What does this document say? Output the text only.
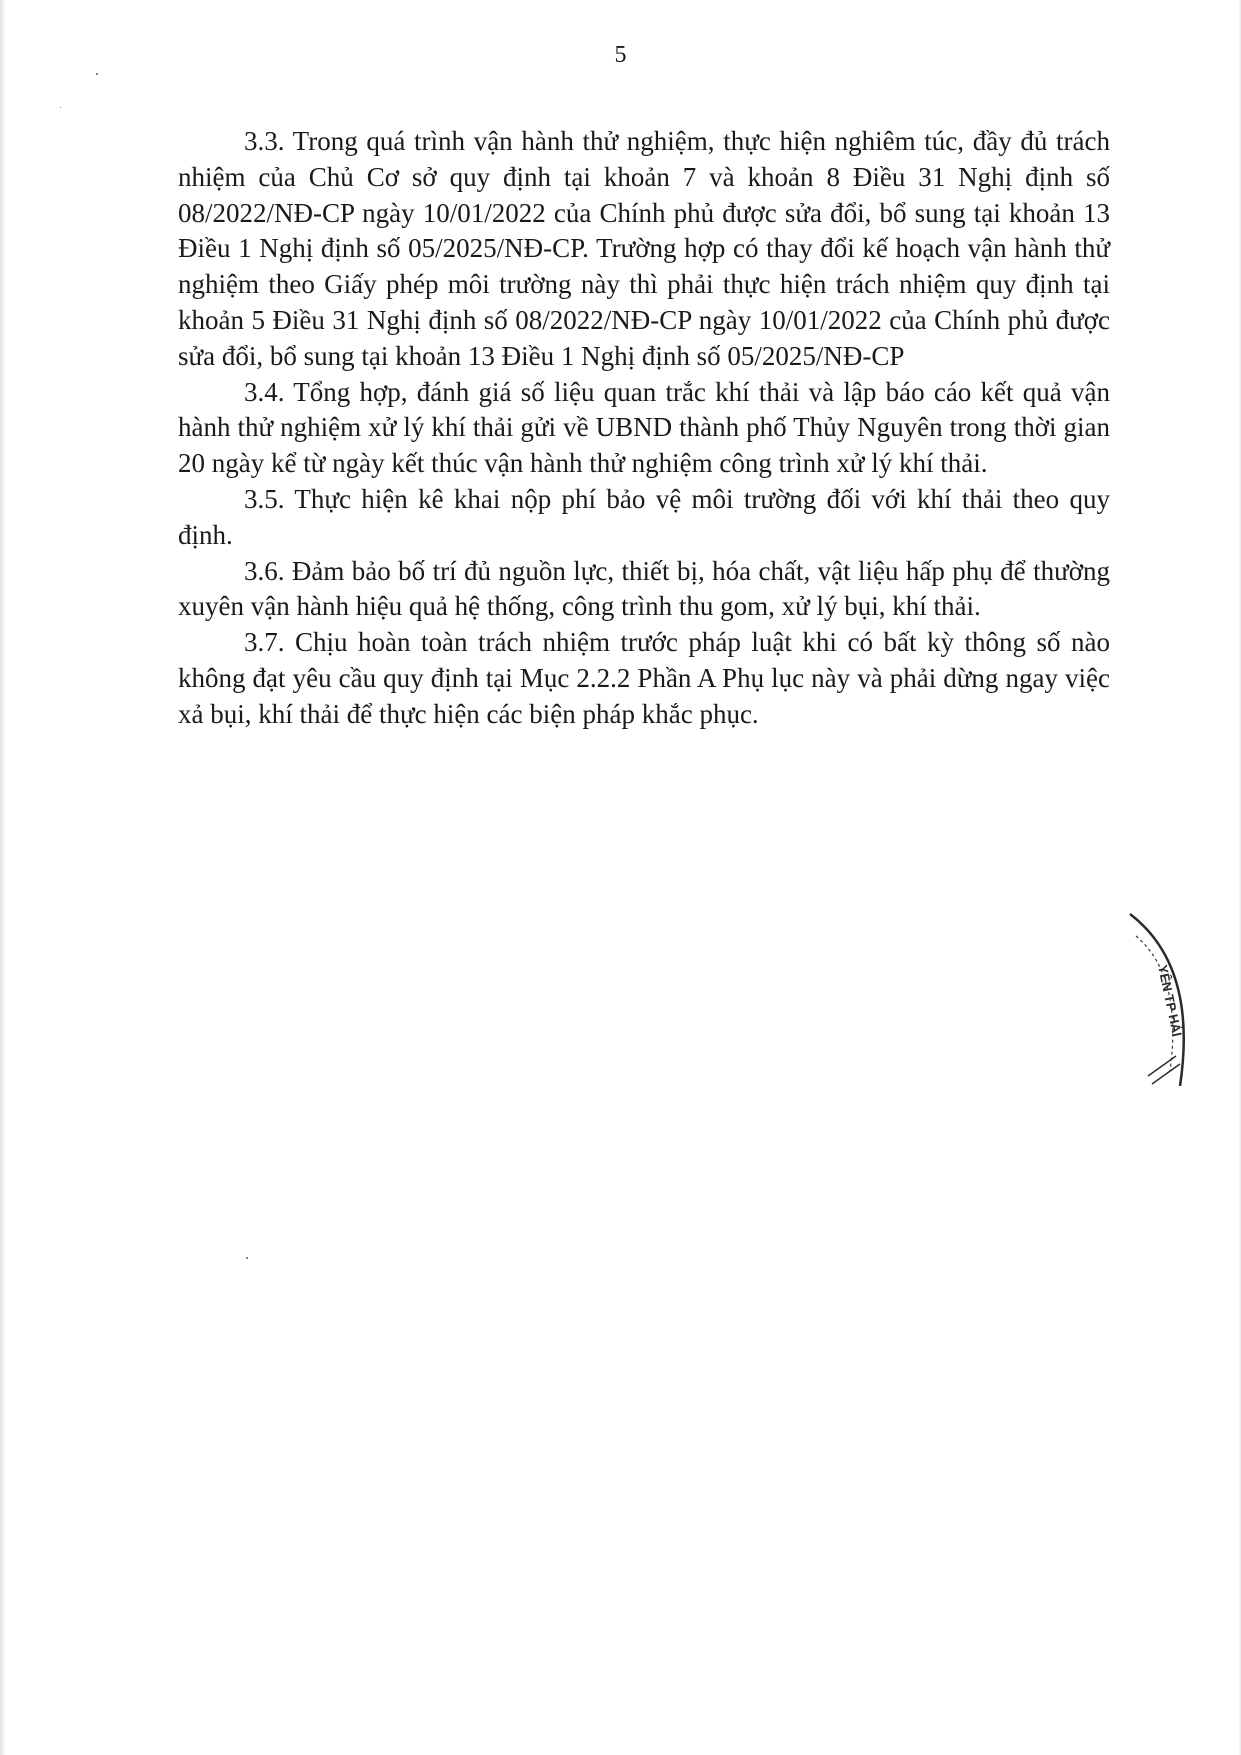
5

3.3. Trong quá trình vận hành thử nghiệm, thực hiện nghiêm túc, đầy đủ trách nhiệm của Chủ Cơ sở quy định tại khoản 7 và khoản 8 Điều 31 Nghị định số 08/2022/NĐ-CP ngày 10/01/2022 của Chính phủ được sửa đổi, bổ sung tại khoản 13 Điều 1 Nghị định số 05/2025/NĐ-CP. Trường hợp có thay đổi kế hoạch vận hành thử nghiệm theo Giấy phép môi trường này thì phải thực hiện trách nhiệm quy định tại khoản 5 Điều 31 Nghị định số 08/2022/NĐ-CP ngày 10/01/2022 của Chính phủ được sửa đổi, bổ sung tại khoản 13 Điều 1 Nghị định số 05/2025/NĐ-CP

3.4. Tổng hợp, đánh giá số liệu quan trắc khí thải và lập báo cáo kết quả vận hành thử nghiệm xử lý khí thải gửi về UBND thành phố Thủy Nguyên trong thời gian 20 ngày kể từ ngày kết thúc vận hành thử nghiệm công trình xử lý khí thải.

3.5. Thực hiện kê khai nộp phí bảo vệ môi trường đối với khí thải theo quy định.

3.6. Đảm bảo bố trí đủ nguồn lực, thiết bị, hóa chất, vật liệu hấp phụ để thường xuyên vận hành hiệu quả hệ thống, công trình thu gom, xử lý bụi, khí thải.

3.7. Chịu hoàn toàn trách nhiệm trước pháp luật khi có bất kỳ thông số nào không đạt yêu cầu quy định tại Mục 2.2.2 Phần A Phụ lục này và phải dừng ngay việc xả bụi, khí thải để thực hiện các biện pháp khắc phục.

YÊN TP HẢI
